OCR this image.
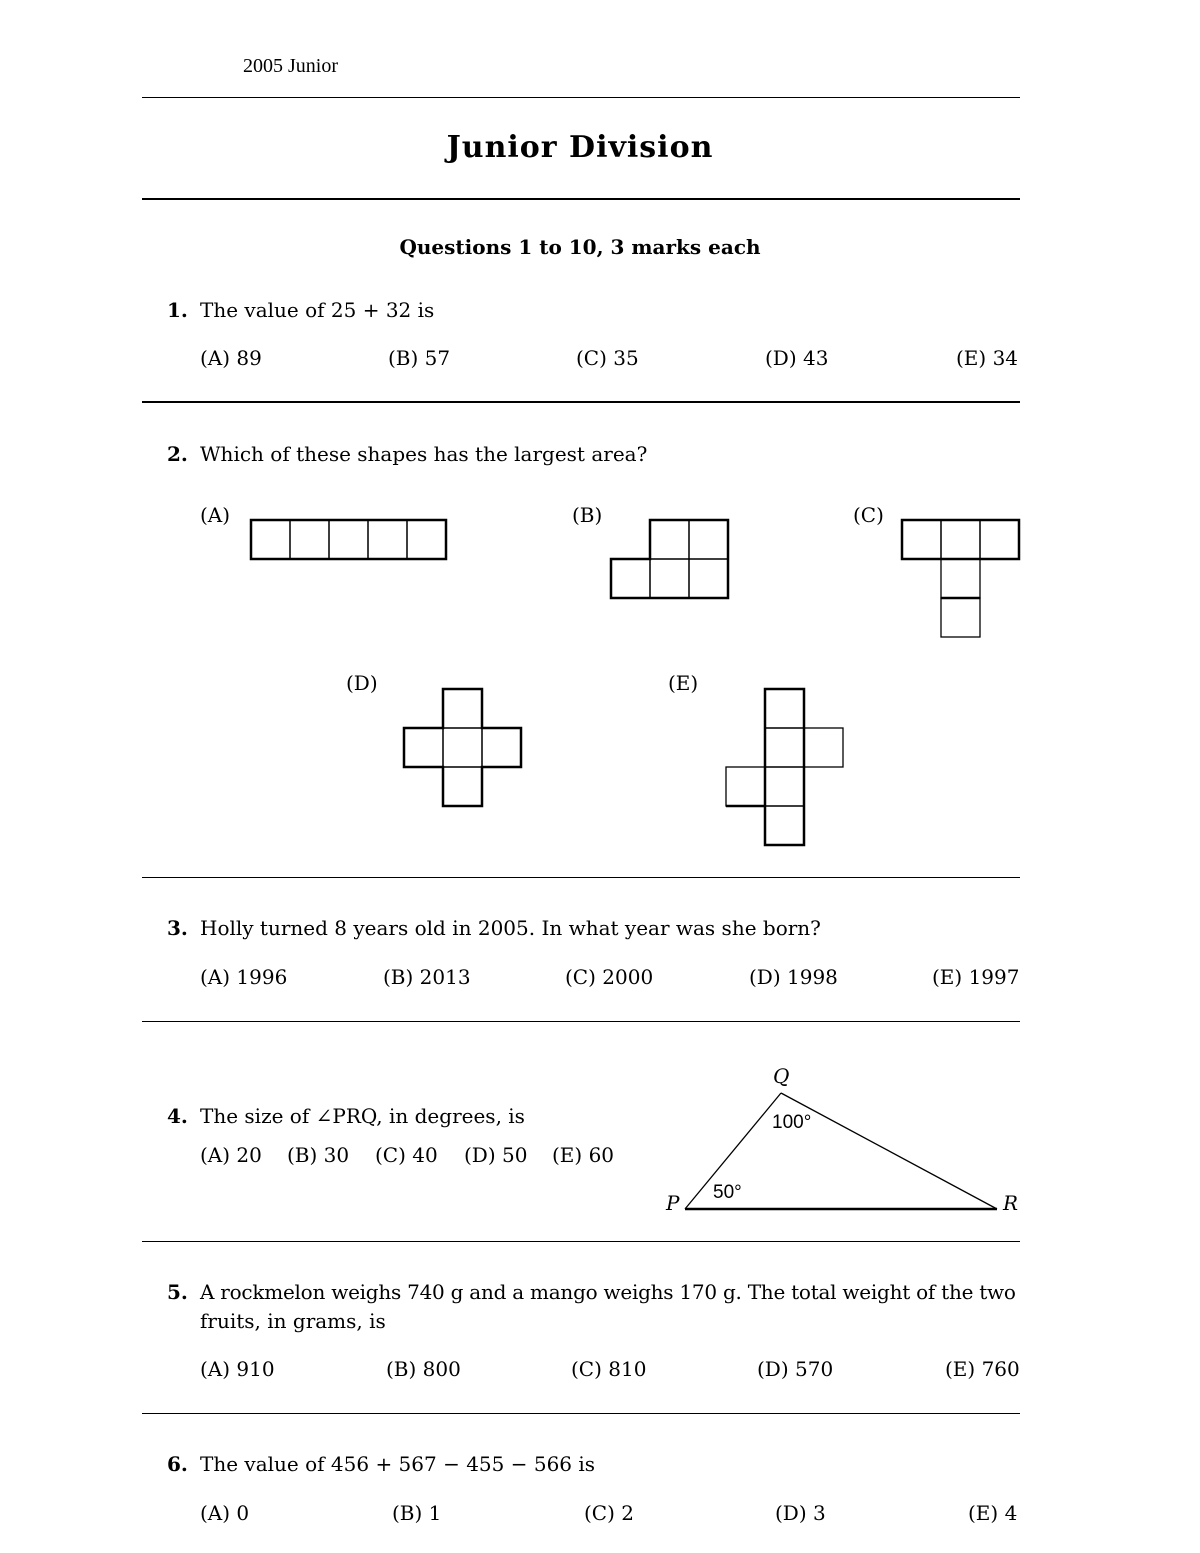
2005 Junior
Junior Division
Questions 1 to 10, 3 marks each
1. The value of 25 + 32 is
(A) 89	(B) 57	(C) 35	(D) 43	(E) 34
2. Which of these shapes has the largest area?
(A)	(B)	(C)
(D)	(E)
3. Holly turned 8 years old in 2005. In what year was she born?
(A) 1996	(B) 2013	(C) 2000	(D) 1998	(E) 1997
4. The size of ∠PRQ, in degrees, is
(A) 20 (B) 30 (C) 40 (D) 50 (E) 60
Q
P	R
100°
50°
5. A rockmelon weighs 740 g and a mango weighs 170 g. The total weight of the two
fruits, in grams, is
(A) 910	(B) 800	(C) 810	(D) 570	(E) 760
6. The value of 456 + 567 − 455 − 566 is
(A) 0	(B) 1	(C) 2	(D) 3	(E) 4
